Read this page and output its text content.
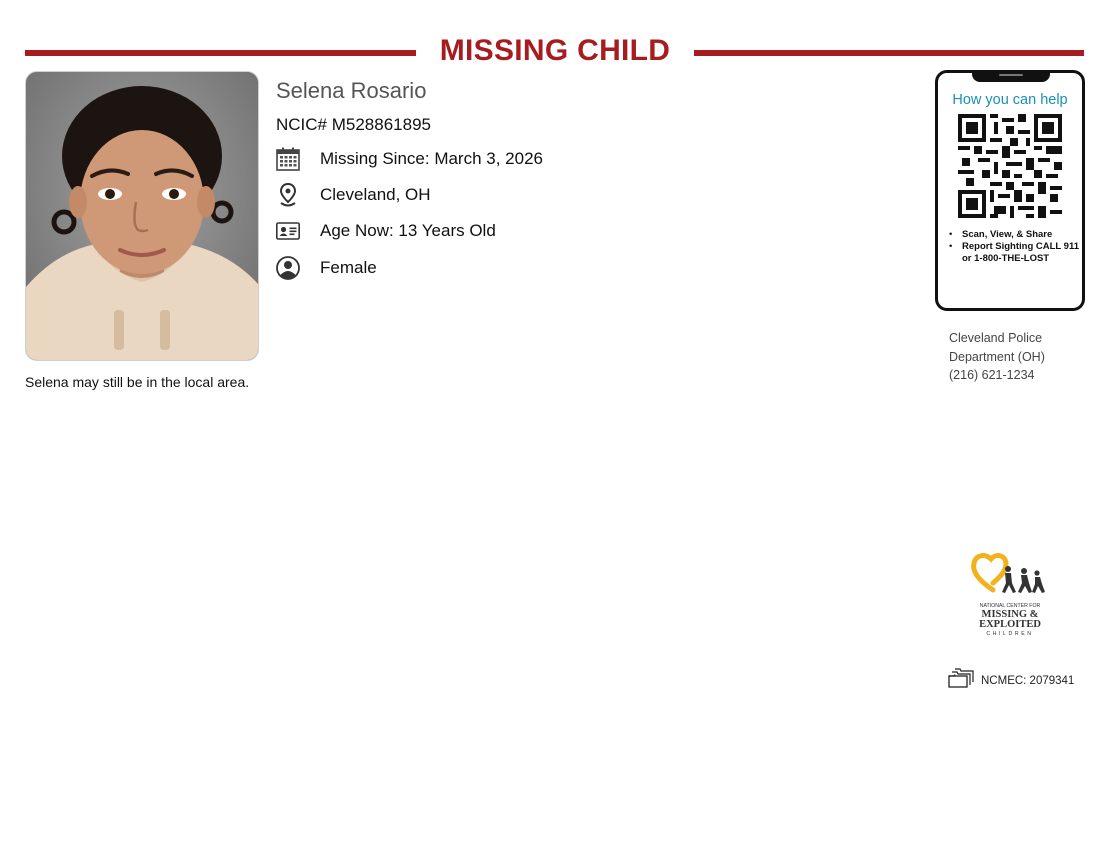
MISSING CHILD
Selena may still be in the local area.
Selena Rosario
NCIC# M528861895
Missing Since: March 3, 2026
Cleveland, OH
Age Now: 13 Years Old
Female
How you can help
• Scan, View, & Share
• Report Sighting CALL 911 or 1-800-THE-LOST
Cleveland Police
Department (OH)
(216) 621-1234
NATIONAL CENTER FOR
MISSING &
EXPLOITED
CHILDREN
NCMEC: 2079341
